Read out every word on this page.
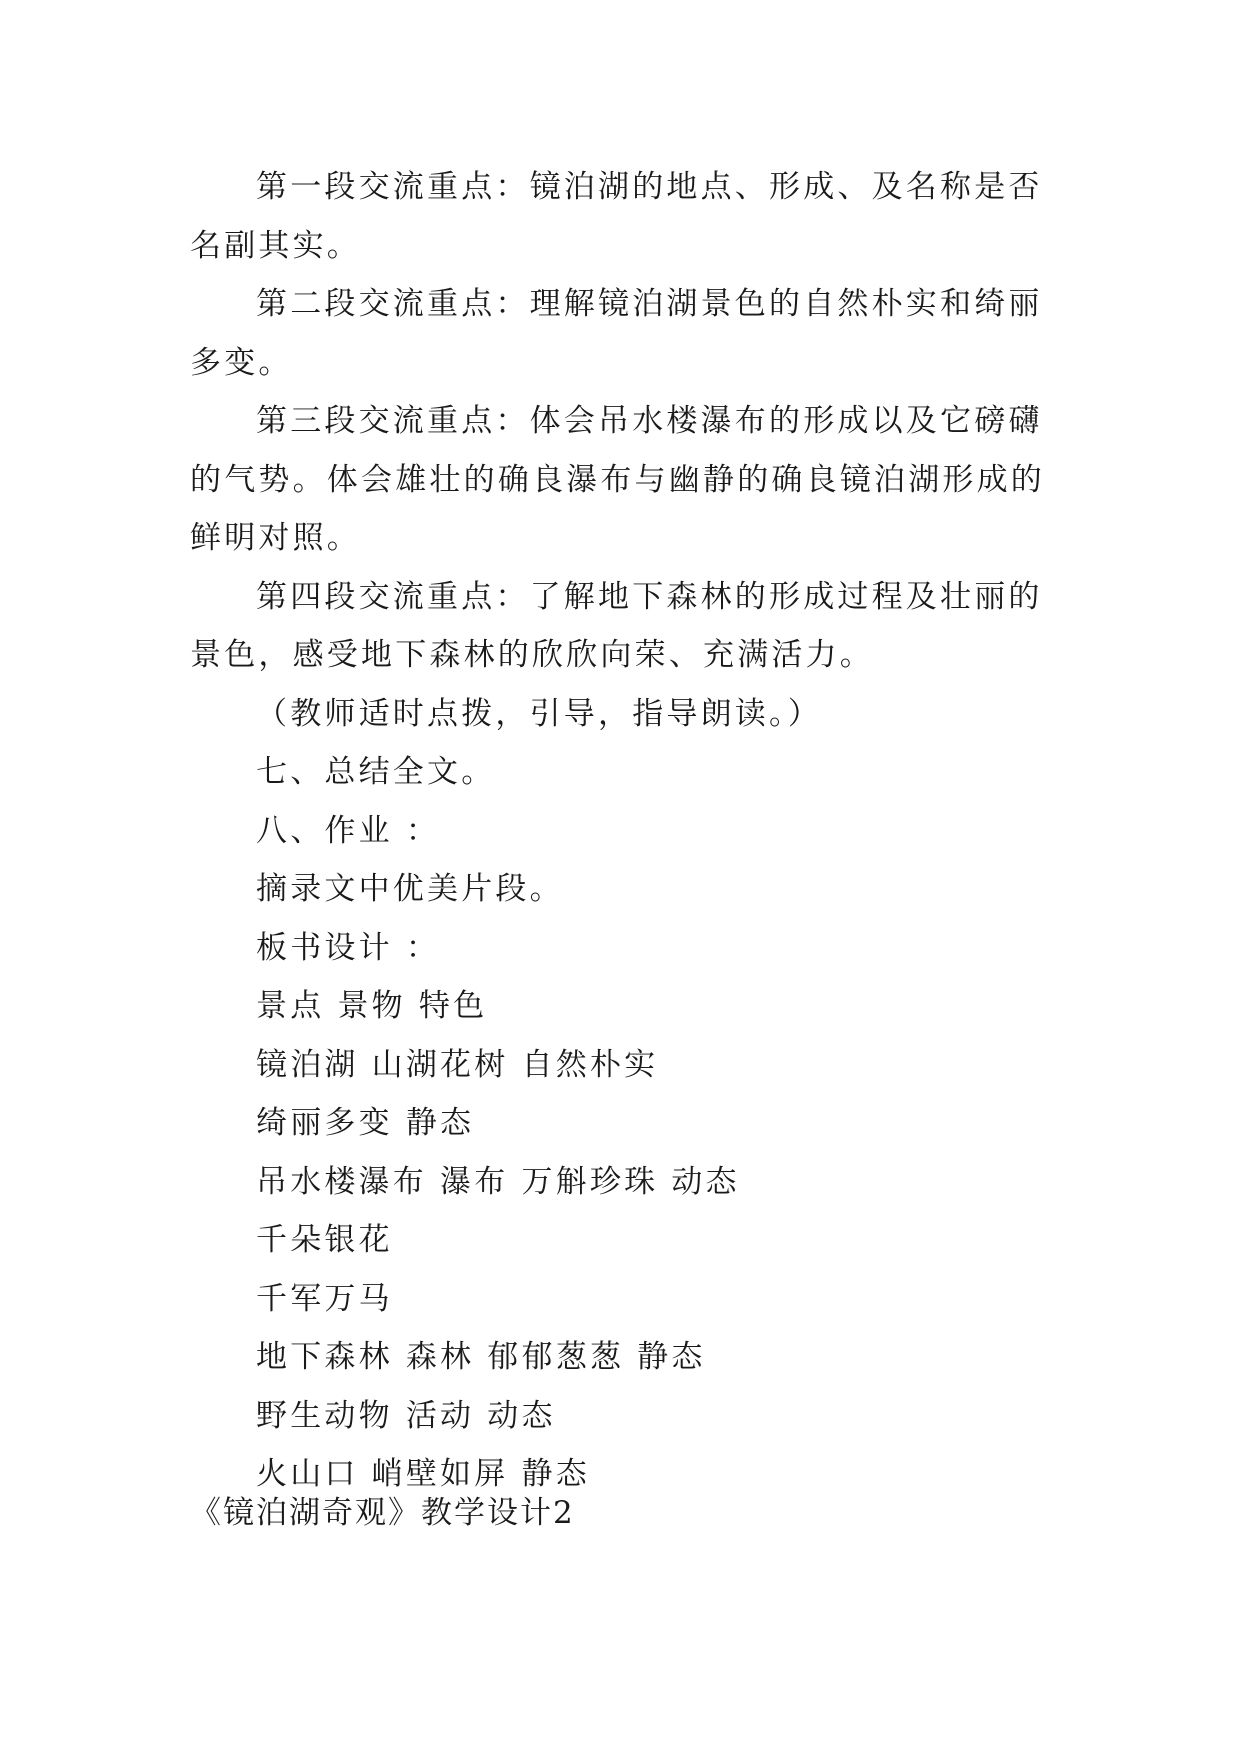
第一段交流重点：镜泊湖的地点、形成、及名称是否名副其实。

第二段交流重点：理解镜泊湖景色的自然朴实和绮丽多变。

第三段交流重点：体会吊水楼瀑布的形成以及它磅礴的气势。体会雄壮的确良瀑布与幽静的确良镜泊湖形成的鲜明对照。

第四段交流重点：了解地下森林的形成过程及壮丽的景色，感受地下森林的欣欣向荣、充满活力。

（教师适时点拨，引导，指导朗读。）

七、总结全文。

八、作业 ：

摘录文中优美片段。

板书设计 ：

景点 景物 特色

镜泊湖 山湖花树 自然朴实

绮丽多变 静态

吊水楼瀑布 瀑布 万斛珍珠 动态

千朵银花

千军万马

地下森林 森林 郁郁葱葱 静态

野生动物 活动 动态

火山口 峭壁如屏 静态

《镜泊湖奇观》教学设计2
